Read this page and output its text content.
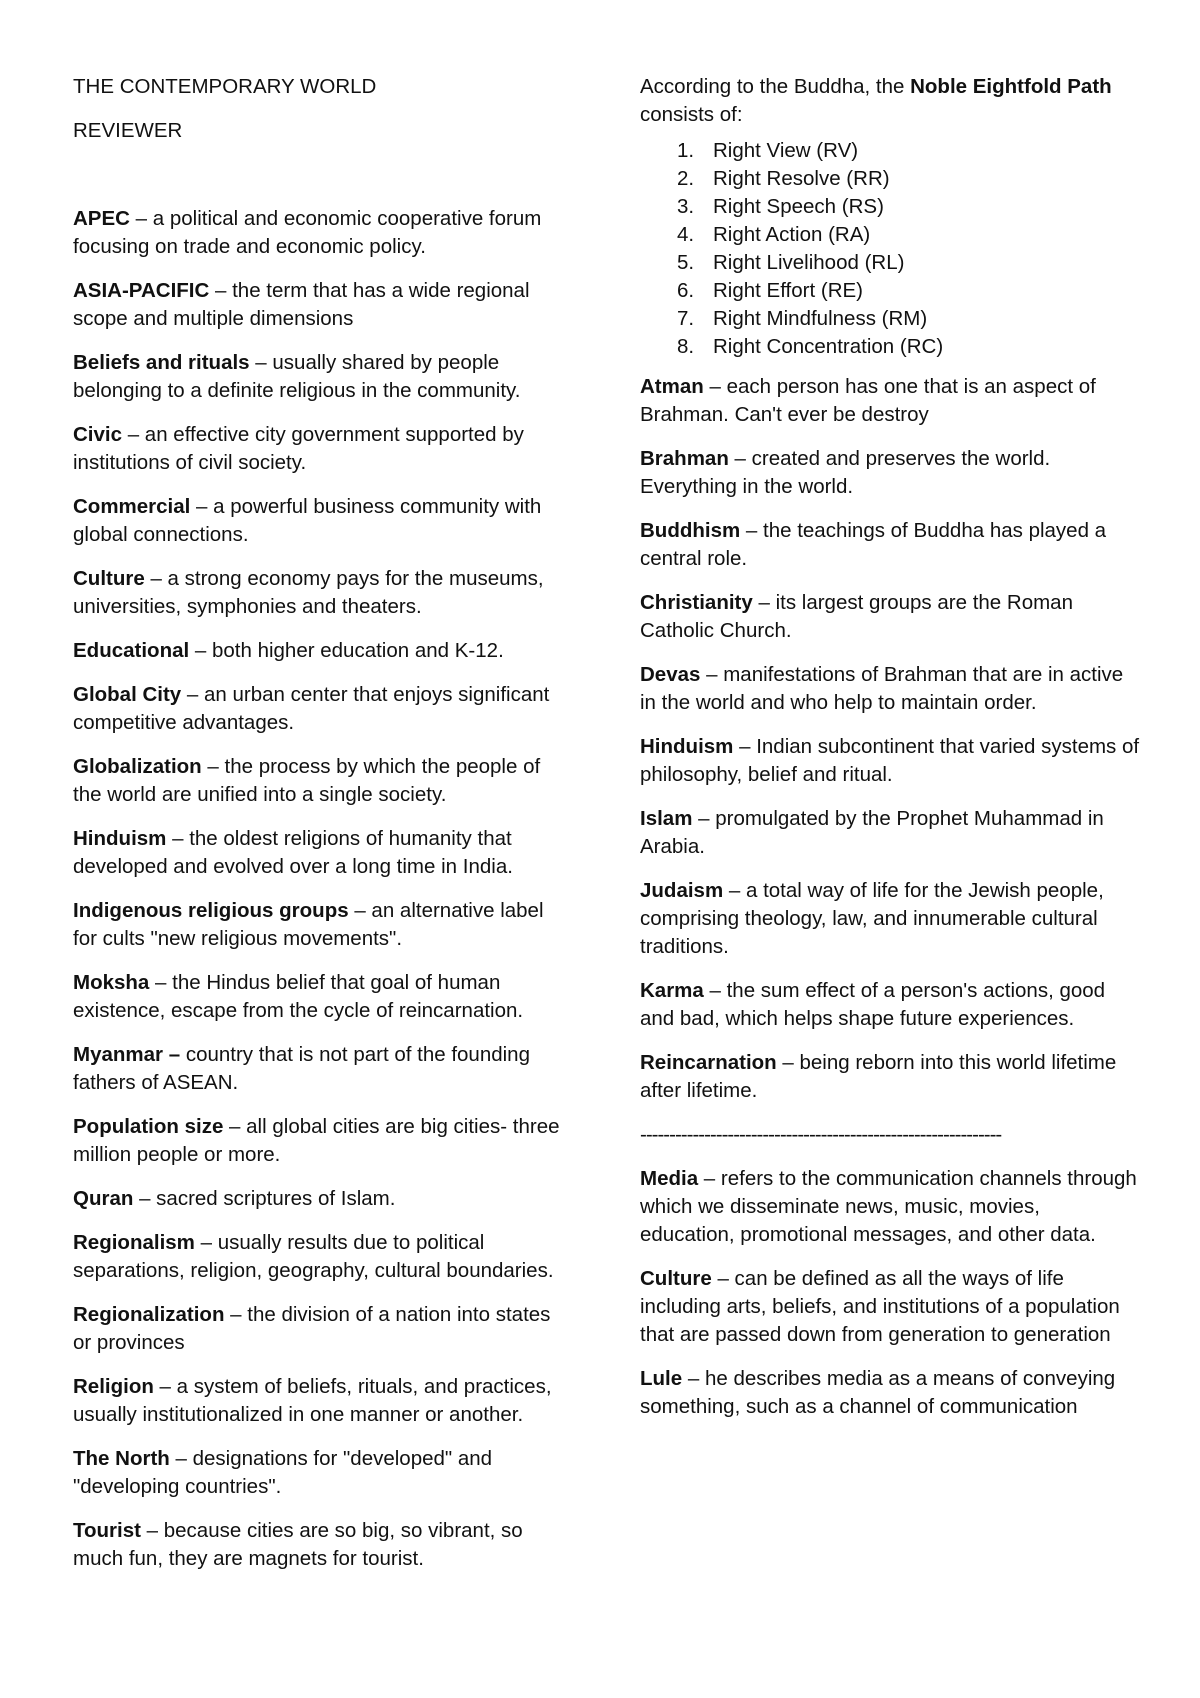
THE CONTEMPORARY WORLD

REVIEWER

APEC – a political and economic cooperative forum focusing on trade and economic policy.

ASIA-PACIFIC – the term that has a wide regional scope and multiple dimensions

Beliefs and rituals – usually shared by people belonging to a definite religious in the community.

Civic – an effective city government supported by institutions of civil society.

Commercial – a powerful business community with global connections.

Culture – a strong economy pays for the museums, universities, symphonies and theaters.

Educational – both higher education and K-12.

Global City – an urban center that enjoys significant competitive advantages.

Globalization – the process by which the people of the world are unified into a single society.

Hinduism – the oldest religions of humanity that developed and evolved over a long time in India.

Indigenous religious groups – an alternative label for cults "new religious movements".

Moksha – the Hindus belief that goal of human existence, escape from the cycle of reincarnation.

Myanmar – country that is not part of the founding fathers of ASEAN.

Population size – all global cities are big cities- three million people or more.

Quran – sacred scriptures of Islam.

Regionalism – usually results due to political separations, religion, geography, cultural boundaries.

Regionalization – the division of a nation into states or provinces

Religion – a system of beliefs, rituals, and practices, usually institutionalized in one manner or another.

The North – designations for "developed" and "developing countries".

Tourist – because cities are so big, so vibrant, so much fun, they are magnets for tourist.

According to the Buddha, the Noble Eightfold Path consists of:

1. Right View (RV)
2. Right Resolve (RR)
3. Right Speech (RS)
4. Right Action (RA)
5. Right Livelihood (RL)
6. Right Effort (RE)
7. Right Mindfulness (RM)
8. Right Concentration (RC)

Atman – each person has one that is an aspect of Brahman. Can't ever be destroy

Brahman – created and preserves the world. Everything in the world.

Buddhism – the teachings of Buddha has played a central role.

Christianity – its largest groups are the Roman Catholic Church.

Devas – manifestations of Brahman that are in active in the world and who help to maintain order.

Hinduism – Indian subcontinent that varied systems of philosophy, belief and ritual.

Islam – promulgated by the Prophet Muhammad in Arabia.

Judaism – a total way of life for the Jewish people, comprising theology, law, and innumerable cultural traditions.

Karma – the sum effect of a person's actions, good and bad, which helps shape future experiences.

Reincarnation – being reborn into this world lifetime after lifetime.

--------------------------------------------------------------

Media – refers to the communication channels through which we disseminate news, music, movies, education, promotional messages, and other data.

Culture – can be defined as all the ways of life including arts, beliefs, and institutions of a population that are passed down from generation to generation

Lule – he describes media as a means of conveying something, such as a channel of communication
